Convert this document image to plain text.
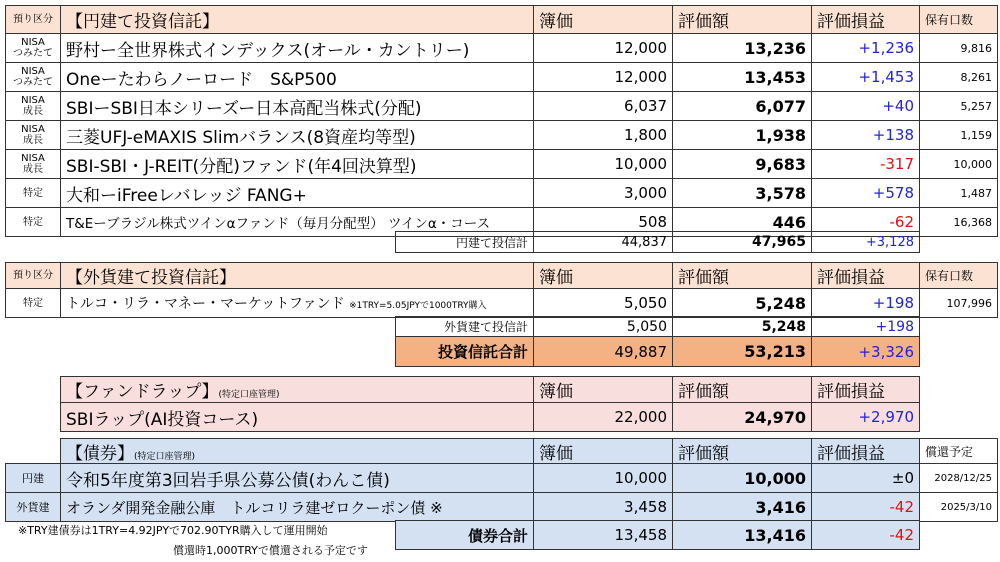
預り区分	【円建て投資信託】	簿価	評価額	評価損益	保有口数
NISA
つみたて	野村ー全世界株式インデックス(オール・カントリー)	12,000	13,236	+1,236	9,816
NISA
つみたて	Oneーたわらノーロード　S&P500	12,000	13,453	+1,453	8,261
NISA
成長	SBIーSBI日本シリーズー日本高配当株式(分配)	6,037	6,077	+40	5,257
NISA
成長	三菱UFJ-eMAXIS Slimバランス(8資産均等型)	1,800	1,938	+138	1,159
NISA
成長	SBI-SBI・J-REIT(分配)ファンド(年4回決算型)	10,000	9,683	-317	10,000
特定	大和ーiFreeレバレッジ FANG+	3,000	3,578	+578	1,487
特定	T&Eーブラジル株式ツインαファンド（毎月分配型） ツインα・コース	508	446	-62	16,368
円建て投信計	44,837	47,965	+3,128
預り区分	【外貨建て投資信託】	簿価	評価額	評価損益	保有口数
特定	トルコ・リラ・マネー・マーケットファンド ※1TRY=5.05JPYで1000TRY購入	5,050	5,248	+198	107,996
外貨建て投信計	5,050	5,248	+198
投資信託合計	49,887	53,213	+3,326
【ファンドラップ】(特定口座管理)	簿価	評価額	評価損益
SBIラップ(AI投資コース)	22,000	24,970	+2,970
【債券】(特定口座管理)	簿価	評価額	評価損益	償還予定
円建	令和5年度第3回岩手県公募公債(わんこ債)	10,000	10,000	±0	2028/12/25
外貨建	オランダ開発金融公庫　トルコリラ建ゼロクーポン債 ※	3,458	3,416	-42	2025/3/10
債券合計	13,458	13,416	-42
※TRY建債券は1TRY=4.92JPYで702.90TYR購入して運用開始
償還時1,000TRYで償還される予定です
